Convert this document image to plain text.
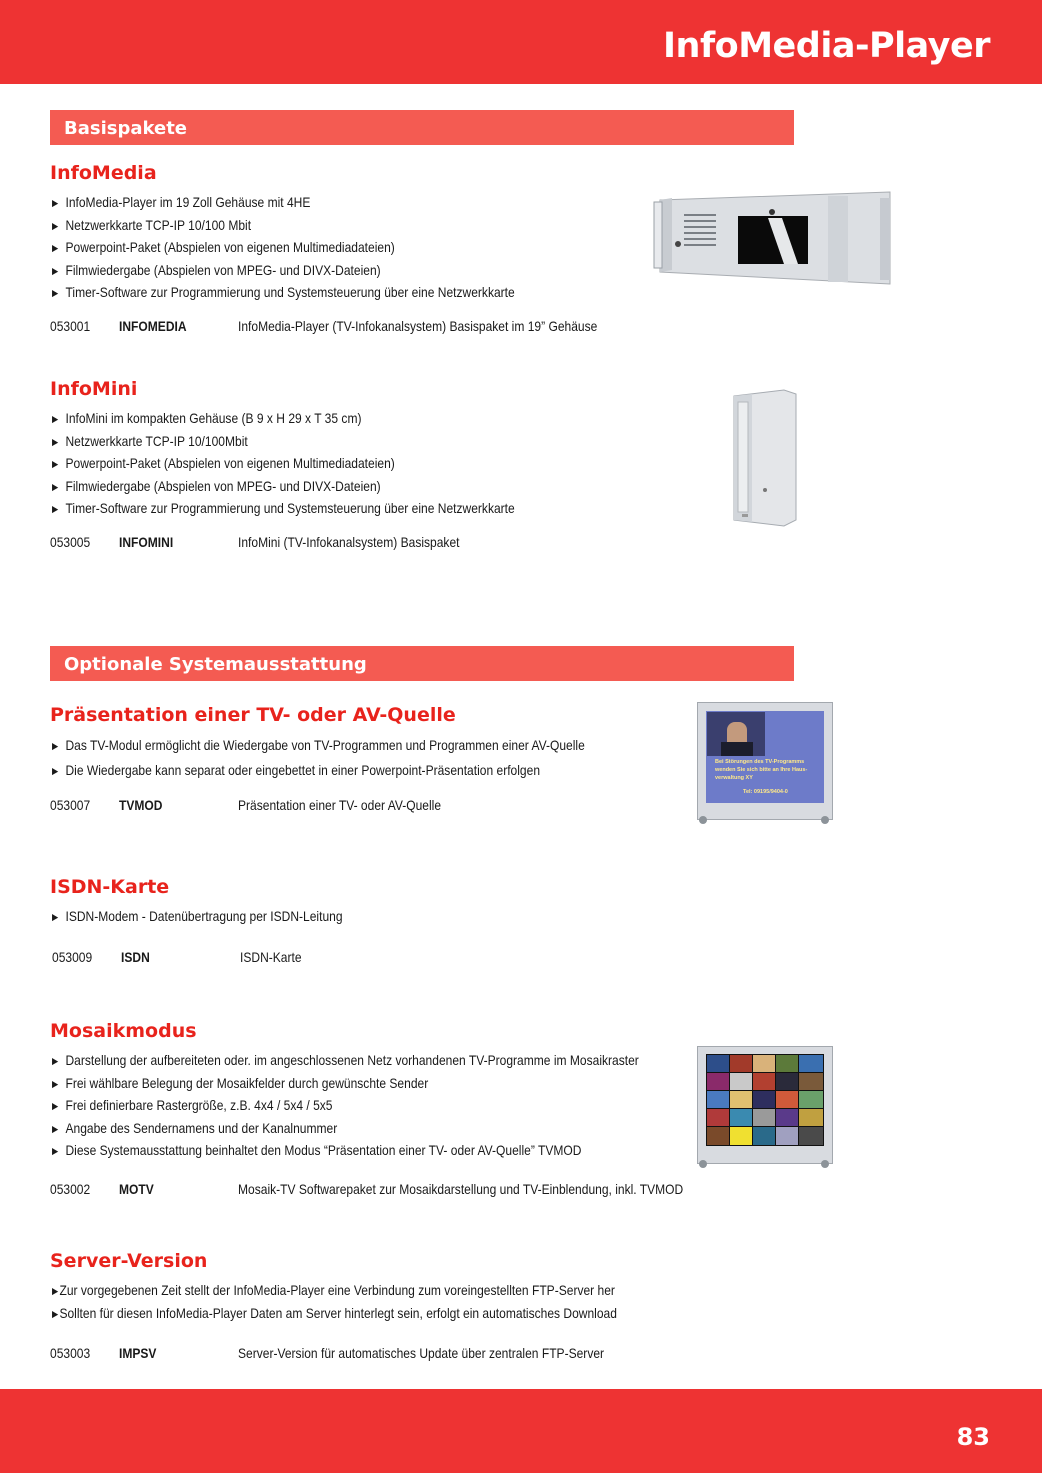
InfoMedia-Player
Basispakete
InfoMedia
► InfoMedia-Player im 19 Zoll Gehäuse mit 4HE
► Netzwerkkarte TCP-IP 10/100 Mbit
► Powerpoint-Paket (Abspielen von eigenen Multimediadateien)
► Filmwiedergabe (Abspielen von MPEG- und DIVX-Dateien)
► Timer-Software zur Programmierung und Systemsteuerung über eine Netzwerkkarte
053001 INFOMEDIA	InfoMedia-Player (TV-Infokanalsystem) Basispaket im 19” Gehäuse
InfoMini
► InfoMini im kompakten Gehäuse (B 9 x H 29 x T 35 cm)
► Netzwerkkarte TCP-IP 10/100Mbit
► Powerpoint-Paket (Abspielen von eigenen Multimediadateien)
► Filmwiedergabe (Abspielen von MPEG- und DIVX-Dateien)
► Timer-Software zur Programmierung und Systemsteuerung über eine Netzwerkkarte
053005 INFOMINI	InfoMini (TV-Infokanalsystem) Basispaket
Optionale Systemausstattung
Präsentation einer TV- oder AV-Quelle
► Das TV-Modul ermöglicht die Wiedergabe von TV-Programmen und Programmen einer AV-Quelle
► Die Wiedergabe kann separat oder eingebettet in einer Powerpoint-Präsentation erfolgen
053007 TVMOD	Präsentation einer TV- oder AV-Quelle
Bei Störungen des TV-Programms
wenden Sie sich bitte an Ihre Haus-
verwaltung XY
Tel: 09195/9404-0
ISDN-Karte
► ISDN-Modem - Datenübertragung per ISDN-Leitung
053009 ISDN	ISDN-Karte
Mosaikmodus
► Darstellung der aufbereiteten oder. im angeschlossenen Netz vorhandenen TV-Programme im Mosaikraster
► Frei wählbare Belegung der Mosaikfelder durch gewünschte Sender
► Frei definierbare Rastergröße, z.B. 4x4 / 5x4 / 5x5
► Angabe des Sendernamens und der Kanalnummer
► Diese Systemausstattung beinhaltet den Modus “Präsentation einer TV- oder AV-Quelle” TVMOD
053002 MOTV	Mosaik-TV Softwarepaket zur Mosaikdarstellung und TV-Einblendung, inkl. TVMOD
Server-Version
►Zur vorgegebenen Zeit stellt der InfoMedia-Player eine Verbindung zum voreingestellten FTP-Server her
►Sollten für diesen InfoMedia-Player Daten am Server hinterlegt sein, erfolgt ein automatisches Download
053003 IMPSV	Server-Version für automatisches Update über zentralen FTP-Server
83
